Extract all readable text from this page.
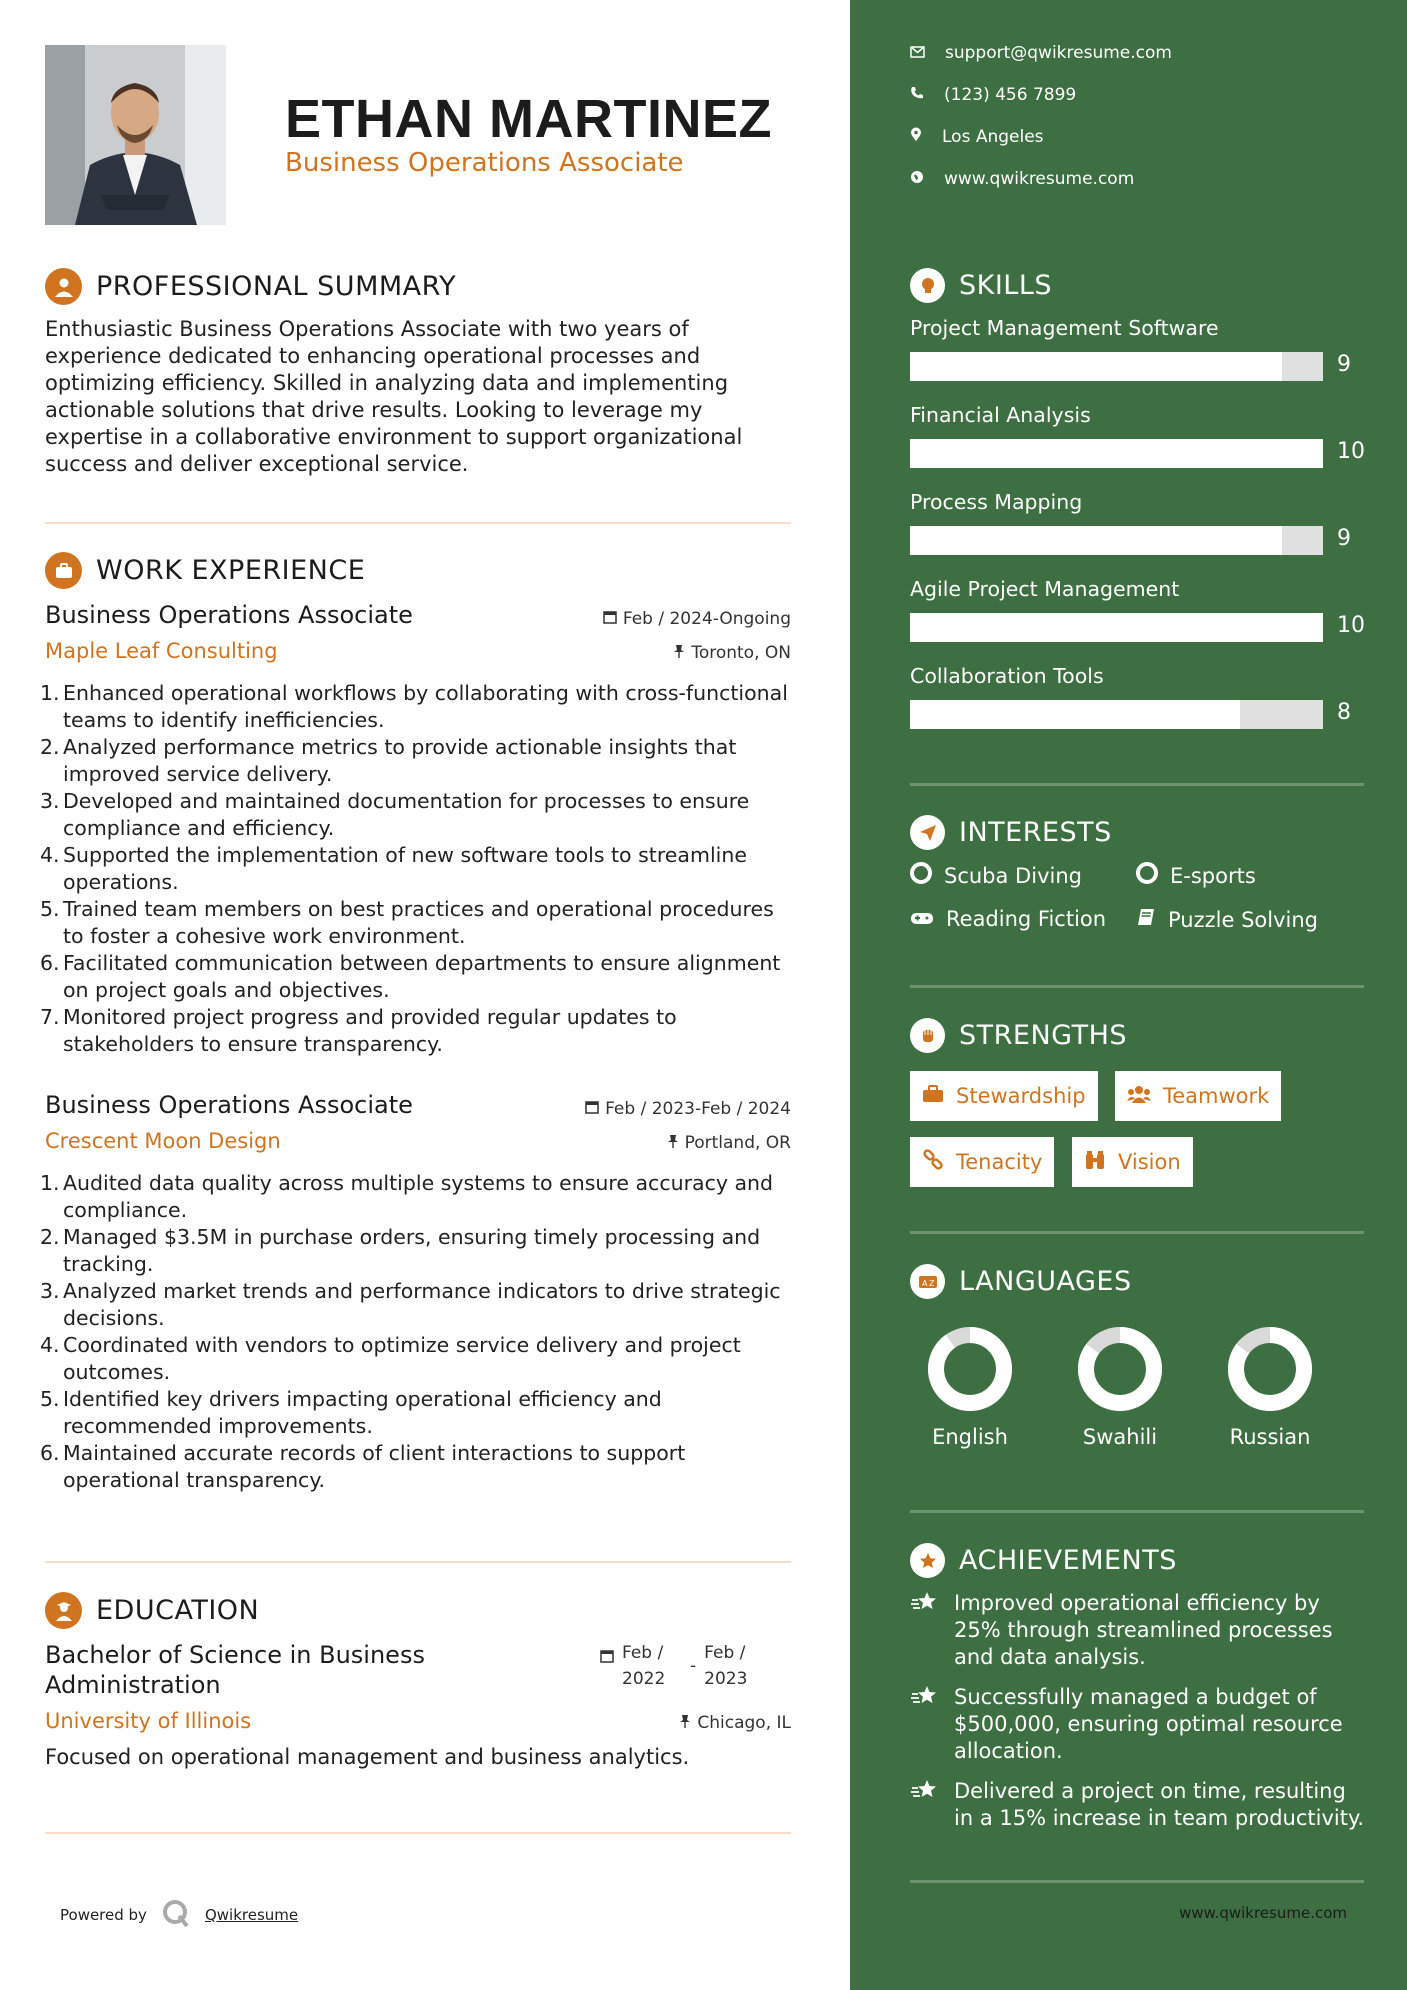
ETHAN MARTINEZ
Business Operations Associate
PROFESSIONAL SUMMARY
Enthusiastic Business Operations Associate with two years of experience dedicated to enhancing operational processes and optimizing efficiency. Skilled in analyzing data and implementing actionable solutions that drive results. Looking to leverage my expertise in a collaborative environment to support organizational success and deliver exceptional service.
WORK EXPERIENCE
Business Operations Associate	Feb / 2024-Ongoing
Maple Leaf Consulting	Toronto, ON
1. Enhanced operational workflows by collaborating with cross-functional teams to identify inefficiencies.
2. Analyzed performance metrics to provide actionable insights that improved service delivery.
3. Developed and maintained documentation for processes to ensure compliance and efficiency.
4. Supported the implementation of new software tools to streamline operations.
5. Trained team members on best practices and operational procedures to foster a cohesive work environment.
6. Facilitated communication between departments to ensure alignment on project goals and objectives.
7. Monitored project progress and provided regular updates to stakeholders to ensure transparency.
Business Operations Associate	Feb / 2023-Feb / 2024
Crescent Moon Design	Portland, OR
1. Audited data quality across multiple systems to ensure accuracy and compliance.
2. Managed $3.5M in purchase orders, ensuring timely processing and tracking.
3. Analyzed market trends and performance indicators to drive strategic decisions.
4. Coordinated with vendors to optimize service delivery and project outcomes.
5. Identified key drivers impacting operational efficiency and recommended improvements.
6. Maintained accurate records of client interactions to support operational transparency.
EDUCATION
Bachelor of Science in Business Administration
Feb / 2022
-
Feb / 2023
University of Illinois	Chicago, IL
Focused on operational management and business analytics.
Powered by	Qwikresume
support@qwikresume.com
(123) 456 7899
Los Angeles
www.qwikresume.com
SKILLS
Project Management Software
9
Financial Analysis
10
Process Mapping
9
Agile Project Management
10
Collaboration Tools
8
INTERESTS
Scuba Diving	E-sports
Reading Fiction	Puzzle Solving
STRENGTHS
Stewardship	Teamwork
Tenacity	Vision
A Z LANGUAGES
English	Swahili	Russian
ACHIEVEMENTS
Improved operational efficiency by 25% through streamlined processes and data analysis.
Successfully managed a budget of $500,000, ensuring optimal resource allocation.
Delivered a project on time, resulting in a 15% increase in team productivity.
www.qwikresume.com
